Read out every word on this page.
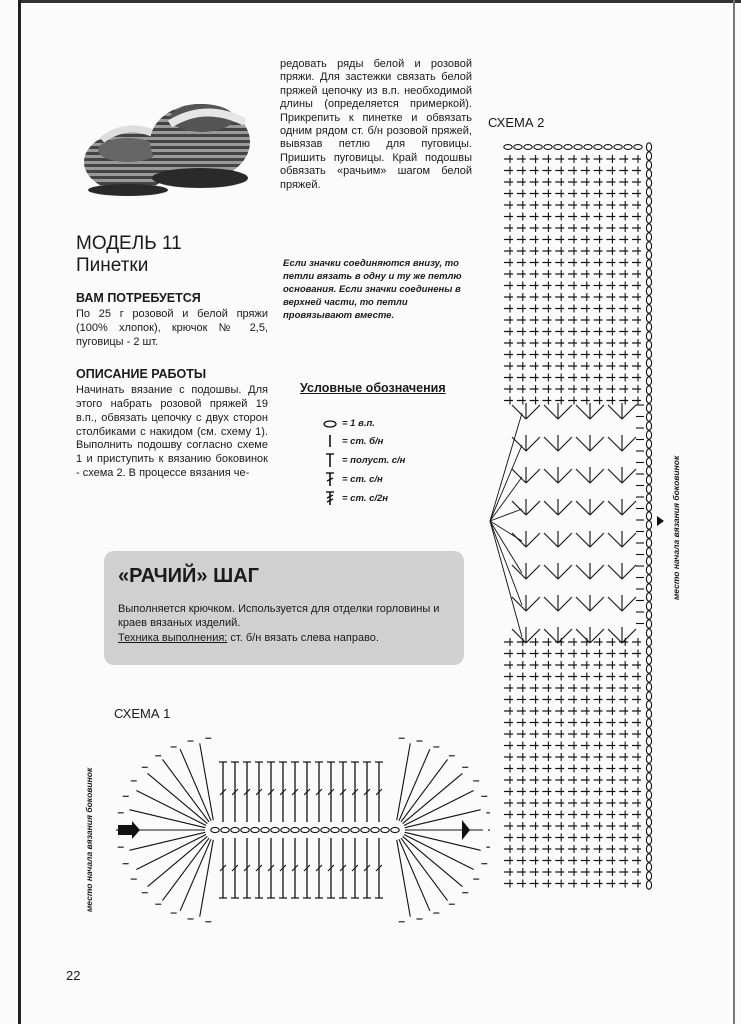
редовать ряды белой и розовой пряжи. Для застежки связать белой пряжей цепочку из в.п. необходимой длины (определяется примеркой). Прикрепить к пинетке и обвязать одним рядом ст. б/н розовой пряжей, вывязав петлю для пуговицы. Пришить пуговицы. Край подошвы обвязать «рачьим» шагом белой пряжей.
МОДЕЛЬ 11
Пинетки
ВАМ ПОТРЕБУЕТСЯ
По 25 г розовой и белой пряжи (100% хлопок), крючок № 2,5, пуговицы - 2 шт.
ОПИСАНИЕ РАБОТЫ
Начинать вязание с подошвы. Для этого набрать розовой пряжей 19 в.п., обвязать цепочку с двух сторон столбиками с накидом (см. схему 1). Выполнить подошву согласно схеме 1 и приступить к вязанию боковинок - схема 2. В процессе вязания че-
Если значки соединяются внизу, то петли вязать в одну и ту же петлю основания. Если значки соединены в верхней части, то петли провязывают вместе.
Условные обозначения
= 1 в.п.
= ст. б/н
= полуст. с/н
= ст. с/н
= ст. с/2н
«РАЧИЙ» ШАГ
Выполняется крючком. Используется для отделки горловины и краев вязаных изделий.
Техника выполнения: ст. б/н вязать слева направо.
СХЕМА 2
место начала вязания боковинок
СХЕМА 1
место начала вязания боковинок
22
